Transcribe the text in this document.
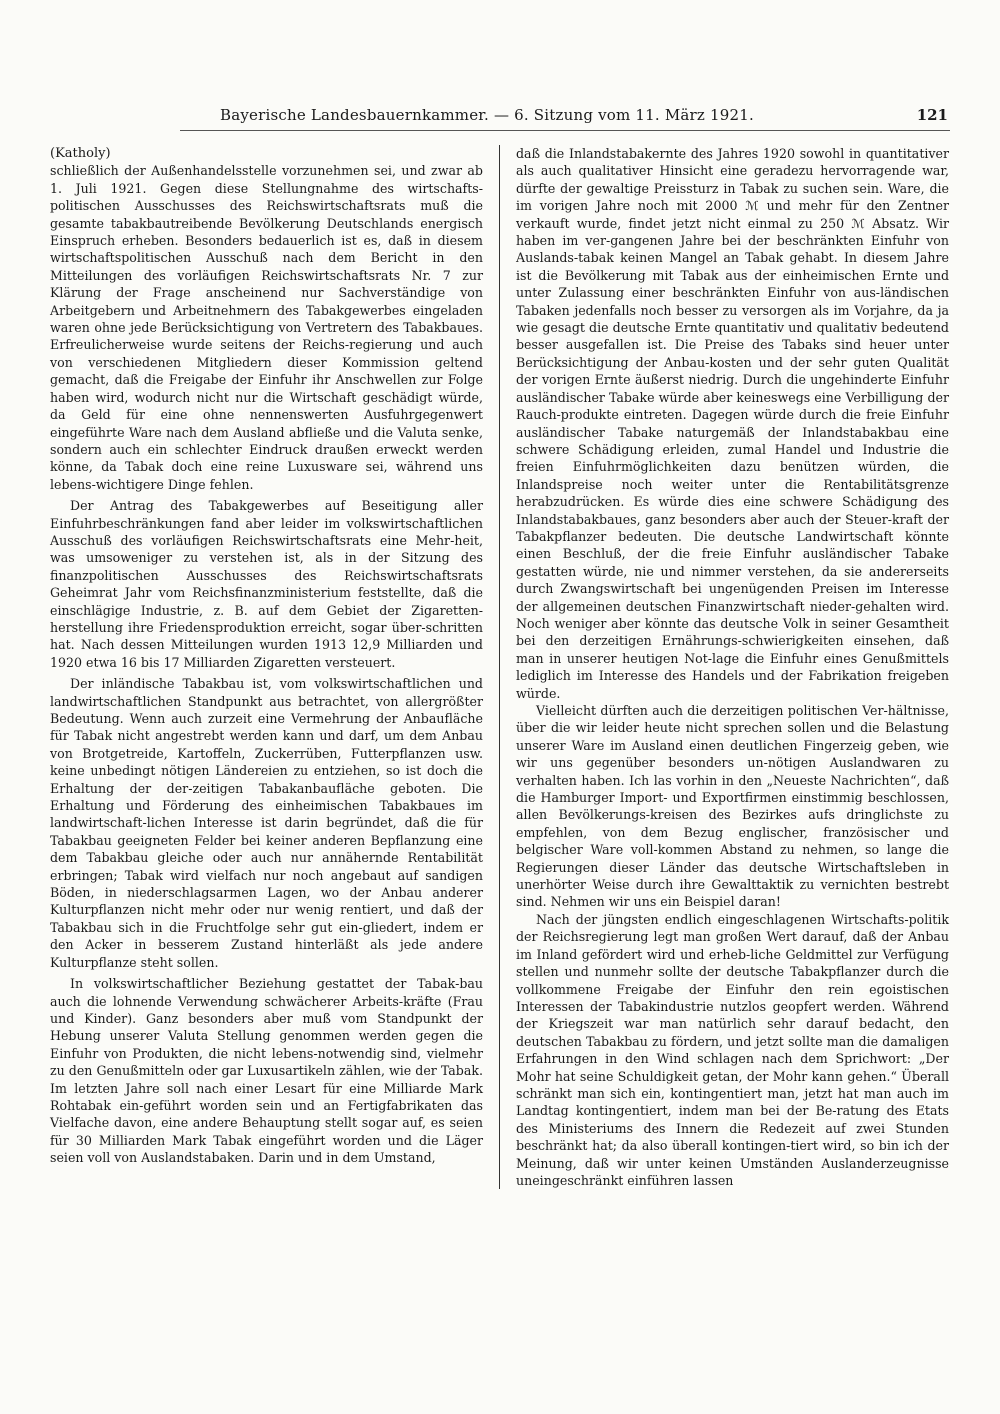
Bayerische Landesbauernkammer. — 6. Sitzung vom 11. März 1921.	121

(Katholy)

schließlich der Außenhandelsstelle vorzunehmen sei, und zwar ab 1. Juli 1921. Gegen diese Stellungnahme des wirtschafts-politischen Ausschusses des Reichswirtschaftsrats muß die gesamte tabakbautreibende Bevölkerung Deutschlands energisch Einspruch erheben. Besonders bedauerlich ist es, daß in diesem wirtschaftspolitischen Ausschuß nach dem Bericht in den Mitteilungen des vorläufigen Reichswirtschaftsrats Nr. 7 zur Klärung der Frage anscheinend nur Sachverständige von Arbeitgebern und Arbeitnehmern des Tabakgewerbes eingeladen waren ohne jede Berücksichtigung von Vertretern des Tabakbaues. Erfreulicherweise wurde seitens der Reichs-regierung und auch von verschiedenen Mitgliedern dieser Kommission geltend gemacht, daß die Freigabe der Einfuhr ihr Anschwellen zur Folge haben wird, wodurch nicht nur die Wirtschaft geschädigt würde, da Geld für eine ohne nennenswerten Ausfuhrgegenwert eingeführte Ware nach dem Ausland abfließe und die Valuta senke, sondern auch ein schlechter Eindruck draußen erweckt werden könne, da Tabak doch eine reine Luxusware sei, während uns lebens-wichtigere Dinge fehlen.

Der Antrag des Tabakgewerbes auf Beseitigung aller Einfuhrbeschränkungen fand aber leider im volkswirtschaftlichen Ausschuß des vorläufigen Reichswirtschaftsrats eine Mehr-heit, was umsoweniger zu verstehen ist, als in der Sitzung des finanzpolitischen Ausschusses des Reichswirtschaftsrats Geheimrat Jahr vom Reichsfinanzministerium feststellte, daß die einschlägige Industrie, z. B. auf dem Gebiet der Zigaretten-herstellung ihre Friedensproduktion erreicht, sogar über-schritten hat. Nach dessen Mitteilungen wurden 1913 12,9 Milliarden und 1920 etwa 16 bis 17 Milliarden Zigaretten versteuert.

Der inländische Tabakbau ist, vom volkswirtschaftlichen und landwirtschaftlichen Standpunkt aus betrachtet, von allergrößter Bedeutung. Wenn auch zurzeit eine Vermehrung der Anbaufläche für Tabak nicht angestrebt werden kann und darf, um dem Anbau von Brotgetreide, Kartoffeln, Zuckerrüben, Futterpflanzen usw. keine unbedingt nötigen Ländereien zu entziehen, so ist doch die Erhaltung der der-zeitigen Tabakanbaufläche geboten. Die Erhaltung und Förderung des einheimischen Tabakbaues im landwirtschaft-lichen Interesse ist darin begründet, daß die für Tabakbau geeigneten Felder bei keiner anderen Bepflanzung eine dem Tabakbau gleiche oder auch nur annähernde Rentabilität erbringen; Tabak wird vielfach nur noch angebaut auf sandigen Böden, in niederschlagsarmen Lagen, wo der Anbau anderer Kulturpflanzen nicht mehr oder nur wenig rentiert, und daß der Tabakbau sich in die Fruchtfolge sehr gut ein-gliedert, indem er den Acker in besserem Zustand hinterläßt als jede andere Kulturpflanze steht sollen.

In volkswirtschaftlicher Beziehung gestattet der Tabak-bau auch die lohnende Verwendung schwächerer Arbeits-kräfte (Frau und Kinder). Ganz besonders aber muß vom Standpunkt der Hebung unserer Valuta Stellung genommen werden gegen die Einfuhr von Produkten, die nicht lebens-notwendig sind, vielmehr zu den Genußmitteln oder gar Luxusartikeln zählen, wie der Tabak. Im letzten Jahre soll nach einer Lesart für eine Milliarde Mark Rohtabak ein-geführt worden sein und an Fertigfabrikaten das Vielfache davon, eine andere Behauptung stellt sogar auf, es seien für 30 Milliarden Mark Tabak eingeführt worden und die Läger seien voll von Auslandstabaken. Darin und in dem Umstand,

daß die Inlandstabakernte des Jahres 1920 sowohl in quantitativer als auch qualitativer Hinsicht eine geradezu hervorragende war, dürfte der gewaltige Preissturz in Tabak zu suchen sein. Ware, die im vorigen Jahre noch mit 2000 ℳ und mehr für den Zentner verkauft wurde, findet jetzt nicht einmal zu 250 ℳ Absatz. Wir haben im ver-gangenen Jahre bei der beschränkten Einfuhr von Auslands-tabak keinen Mangel an Tabak gehabt. In diesem Jahre ist die Bevölkerung mit Tabak aus der einheimischen Ernte und unter Zulassung einer beschränkten Einfuhr von aus-ländischen Tabaken jedenfalls noch besser zu versorgen als im Vorjahre, da ja wie gesagt die deutsche Ernte quantitativ und qualitativ bedeutend besser ausgefallen ist. Die Preise des Tabaks sind heuer unter Berücksichtigung der Anbau-kosten und der sehr guten Qualität der vorigen Ernte äußerst niedrig. Durch die ungehinderte Einfuhr ausländischer Tabake würde aber keineswegs eine Verbilligung der Rauch-produkte eintreten. Dagegen würde durch die freie Einfuhr ausländischer Tabake naturgemäß der Inlandstabakbau eine schwere Schädigung erleiden, zumal Handel und Industrie die freien Einfuhrmöglichkeiten dazu benützen würden, die Inlandspreise noch weiter unter die Rentabilitätsgrenze herabzudrücken. Es würde dies eine schwere Schädigung des Inlandstabakbaues, ganz besonders aber auch der Steuer-kraft der Tabakpflanzer bedeuten. Die deutsche Landwirtschaft könnte einen Beschluß, der die freie Einfuhr ausländischer Tabake gestatten würde, nie und nimmer verstehen, da sie andererseits durch Zwangswirtschaft bei ungenügenden Preisen im Interesse der allgemeinen deutschen Finanzwirtschaft nieder-gehalten wird. Noch weniger aber könnte das deutsche Volk in seiner Gesamtheit bei den derzeitigen Ernährungs-schwierigkeiten einsehen, daß man in unserer heutigen Not-lage die Einfuhr eines Genußmittels lediglich im Interesse des Handels und der Fabrikation freigeben würde.

Vielleicht dürften auch die derzeitigen politischen Ver-hältnisse, über die wir leider heute nicht sprechen sollen und die Belastung unserer Ware im Ausland einen deutlichen Fingerzeig geben, wie wir uns gegenüber besonders un-nötigen Auslandwaren zu verhalten haben. Ich las vorhin in den „Neueste Nachrichten“, daß die Hamburger Import- und Exportfirmen einstimmig beschlossen, allen Bevölkerungs-kreisen des Bezirkes aufs dringlichste zu empfehlen, von dem Bezug englischer, französischer und belgischer Ware voll-kommen Abstand zu nehmen, so lange die Regierungen dieser Länder das deutsche Wirtschaftsleben in unerhörter Weise durch ihre Gewalttaktik zu vernichten bestrebt sind. Nehmen wir uns ein Beispiel daran!

Nach der jüngsten endlich eingeschlagenen Wirtschafts-politik der Reichsregierung legt man großen Wert darauf, daß der Anbau im Inland gefördert wird und erheb-liche Geldmittel zur Verfügung stellen und nunmehr sollte der deutsche Tabakpflanzer durch die vollkommene Freigabe der Einfuhr den rein egoistischen Interessen der Tabakindustrie nutzlos geopfert werden. Während der Kriegszeit war man natürlich sehr darauf bedacht, den deutschen Tabakbau zu fördern, und jetzt sollte man die damaligen Erfahrungen in den Wind schlagen nach dem Sprichwort: „Der Mohr hat seine Schuldigkeit getan, der Mohr kann gehen.“ Überall schränkt man sich ein, kontingentiert man, jetzt hat man auch im Landtag kontingentiert, indem man bei der Be-ratung des Etats des Ministeriums des Innern die Redezeit auf zwei Stunden beschränkt hat; da also überall kontingen-tiert wird, so bin ich der Meinung, daß wir unter keinen Umständen Auslanderzeugnisse uneingeschränkt einführen lassen
